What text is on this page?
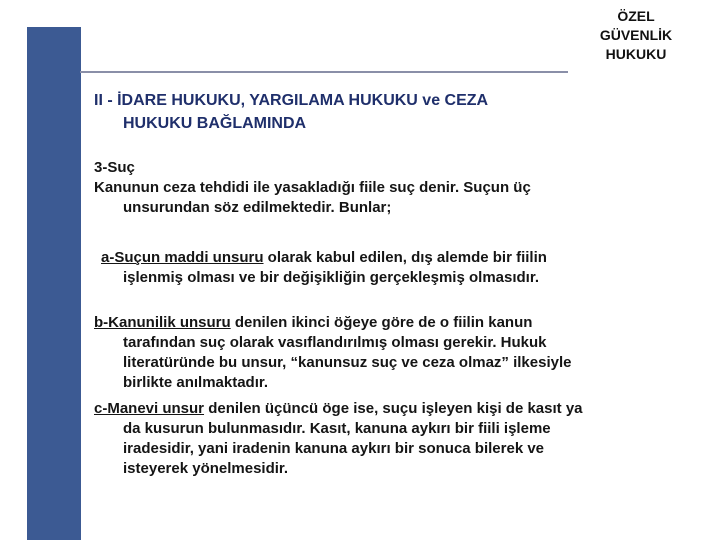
ÖZEL
GÜVENLİK
HUKUKU
II - İDARE HUKUKU, YARGILAMA HUKUKU ve CEZA
HUKUKU BAĞLAMINDA
3-Suç
Kanunun ceza tehdidi ile yasakladığı fiile suç denir. Suçun üç
unsurundan söz edilmektedir. Bunlar;
a-Suçun maddi unsuru olarak kabul edilen, dış alemde bir fiilin
işlenmiş olması ve bir değişikliğin gerçekleşmiş olmasıdır.
b-Kanunilik unsuru denilen ikinci öğeye göre de o fiilin kanun
tarafından suç olarak vasıflandırılmış olması gerekir. Hukuk
literatüründe bu unsur, “kanunsuz suç ve ceza olmaz” ilkesiyle
birlikte anılmaktadır.
c-Manevi unsur denilen üçüncü öge ise, suçu işleyen kişi de kasıt ya
da kusurun bulunmasıdır. Kasıt, kanuna aykırı bir fiili işleme
iradesidir, yani iradenin kanuna aykırı bir sonuca bilerek ve
isteyerek yönelmesidir.
